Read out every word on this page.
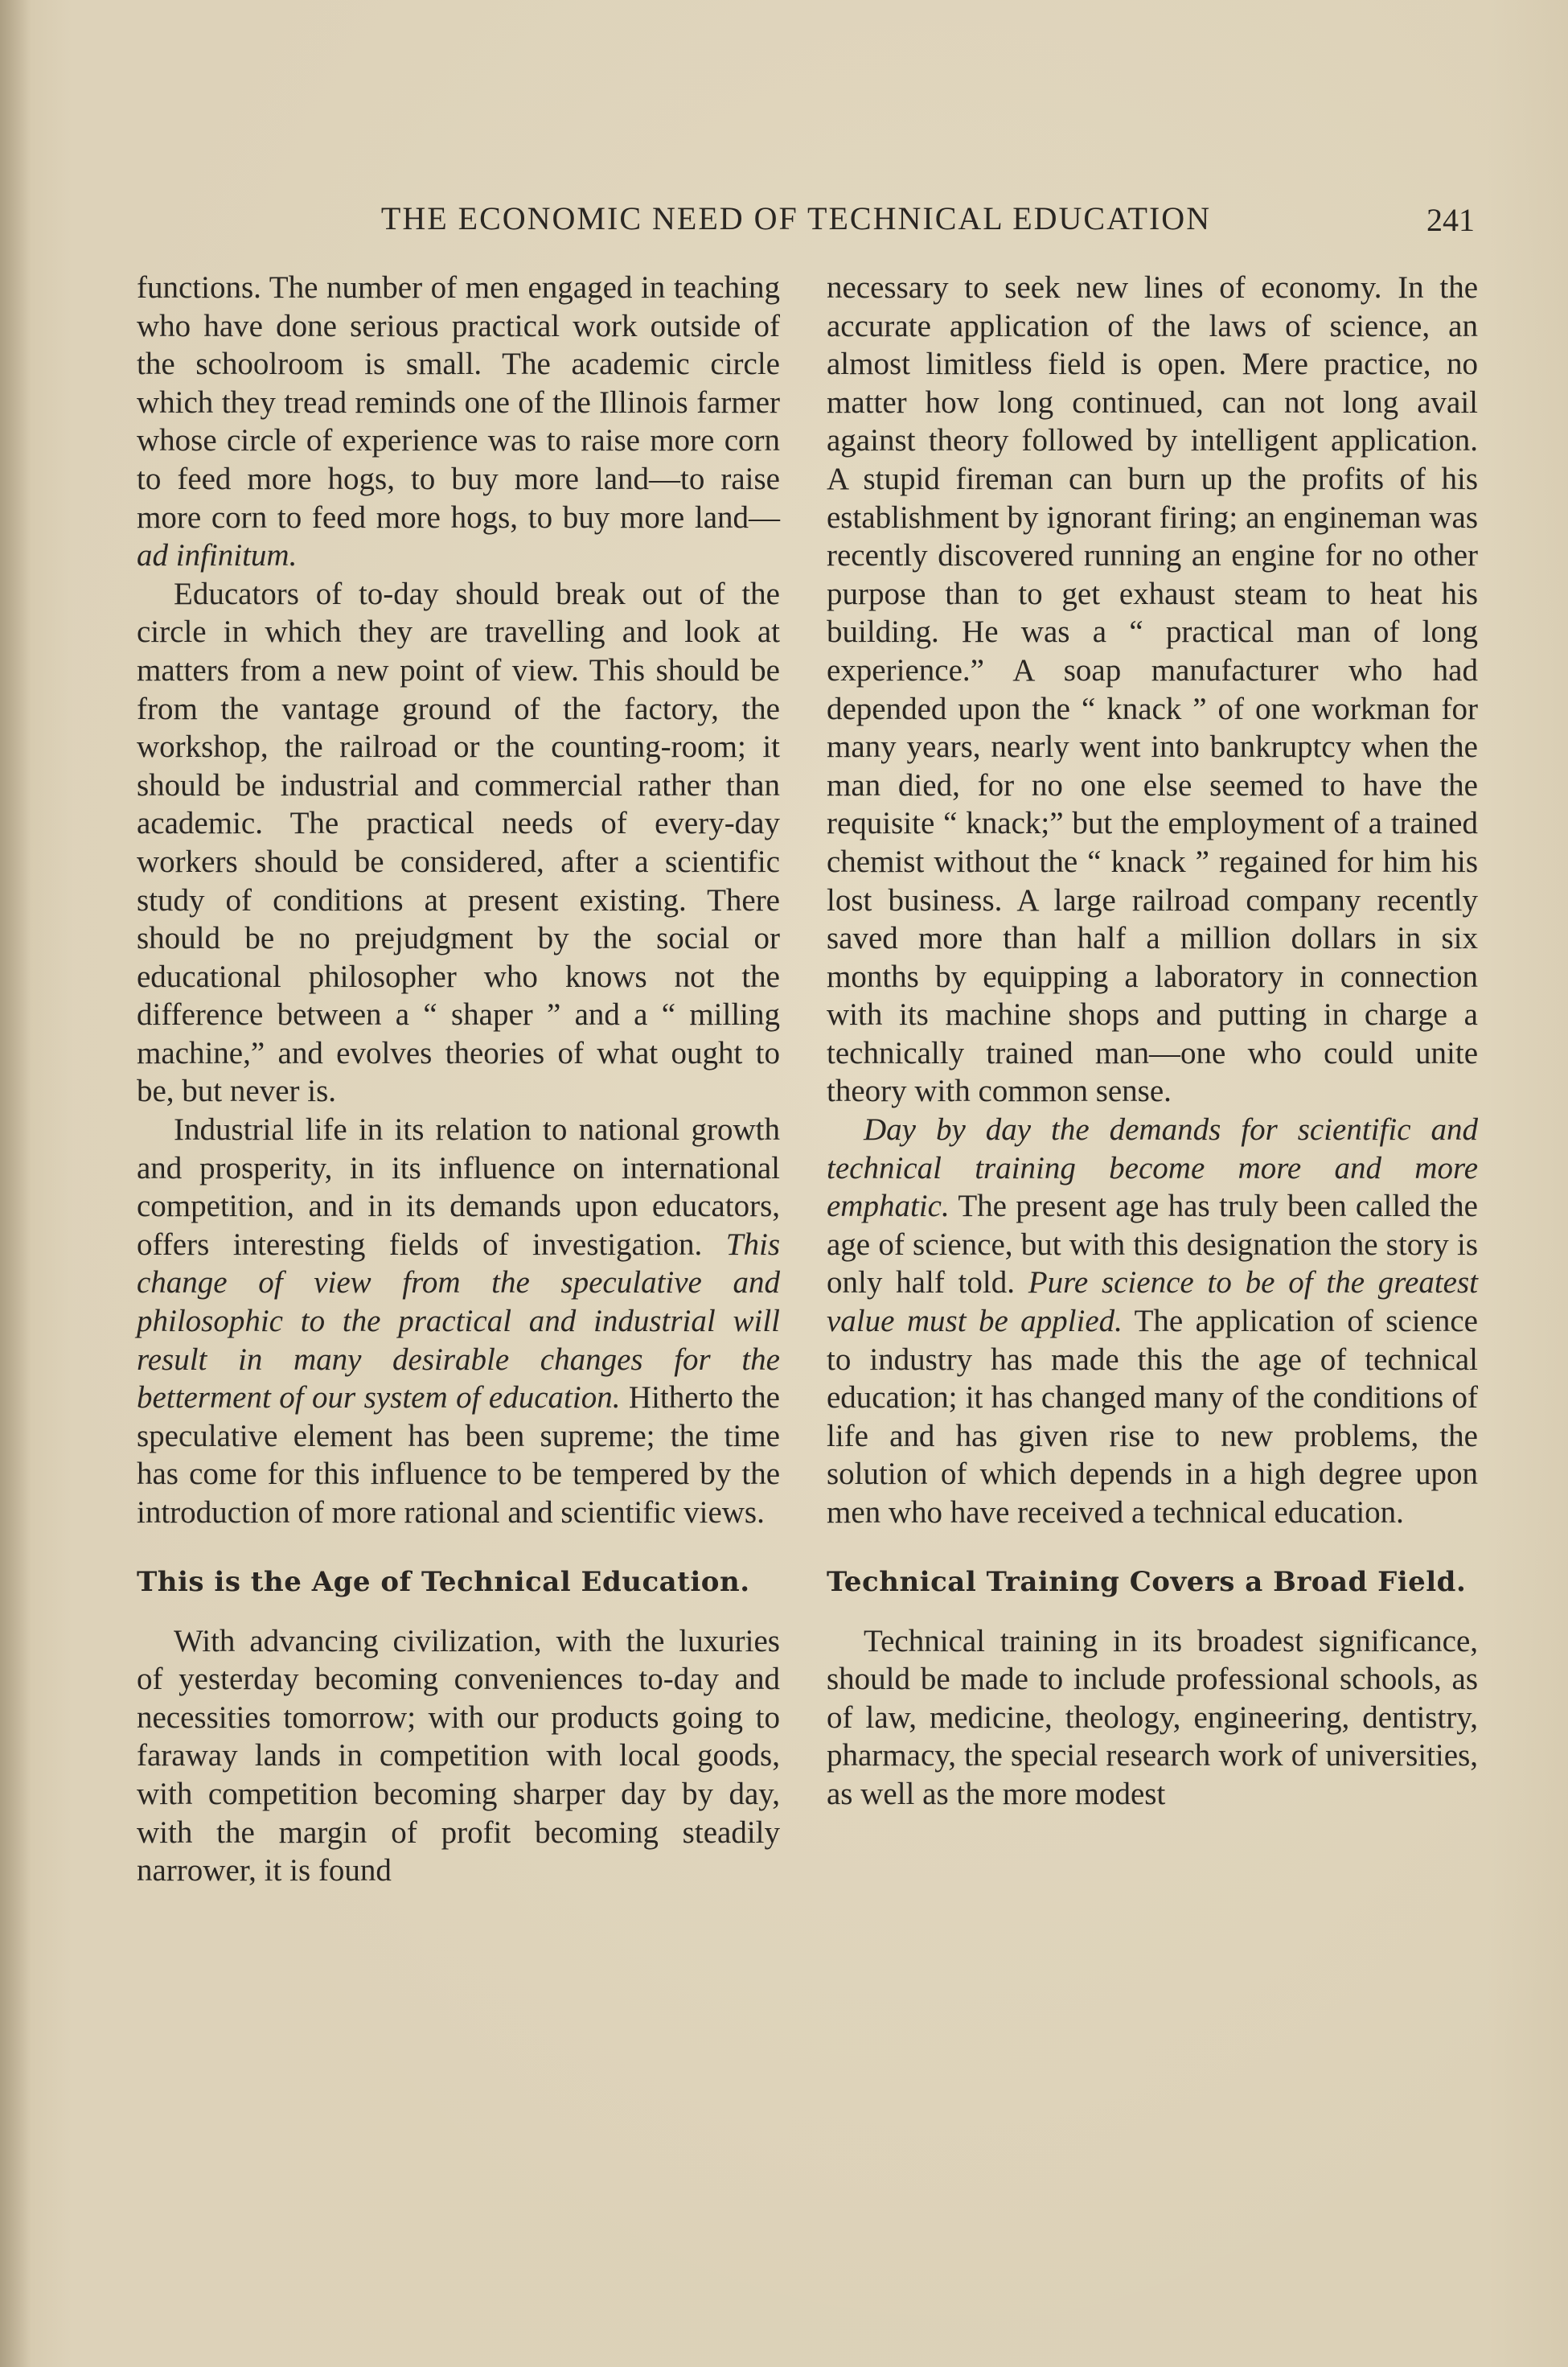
THE ECONOMIC NEED OF TECHNICAL EDUCATION	241

functions. The number of men engaged in teaching who have done serious practical work outside of the schoolroom is small. The academic circle which they tread reminds one of the Illinois farmer whose circle of experience was to raise more corn to feed more hogs, to buy more land—to raise more corn to feed more hogs, to buy more land—ad infinitum.

Educators of to-day should break out of the circle in which they are travelling and look at matters from a new point of view. This should be from the vantage ground of the factory, the workshop, the railroad or the counting-room; it should be industrial and commercial rather than academic. The practical needs of every-day workers should be considered, after a scientific study of conditions at present existing. There should be no prejudgment by the social or educational philosopher who knows not the difference between a “ shaper ” and a “ milling machine,” and evolves theories of what ought to be, but never is.

Industrial life in its relation to national growth and prosperity, in its influence on international competition, and in its demands upon educators, offers interesting fields of investigation. This change of view from the speculative and philosophic to the practical and industrial will result in many desirable changes for the betterment of our system of education. Hitherto the speculative element has been supreme; the time has come for this influence to be tempered by the introduction of more rational and scientific views.

This is the Age of Technical Education.

With advancing civilization, with the luxuries of yesterday becoming conveniences to-day and necessities tomorrow; with our products going to faraway lands in competition with local goods, with competition becoming sharper day by day, with the margin of profit becoming steadily narrower, it is found

necessary to seek new lines of economy. In the accurate application of the laws of science, an almost limitless field is open. Mere practice, no matter how long continued, can not long avail against theory followed by intelligent application. A stupid fireman can burn up the profits of his establishment by ignorant firing; an engineman was recently discovered running an engine for no other purpose than to get exhaust steam to heat his building. He was a “ practical man of long experience.” A soap manufacturer who had depended upon the “ knack ” of one workman for many years, nearly went into bankruptcy when the man died, for no one else seemed to have the requisite “ knack;” but the employment of a trained chemist without the “ knack ” regained for him his lost business. A large railroad company recently saved more than half a million dollars in six months by equipping a laboratory in connection with its machine shops and putting in charge a technically trained man—one who could unite theory with common sense.

Day by day the demands for scientific and technical training become more and more emphatic. The present age has truly been called the age of science, but with this designation the story is only half told. Pure science to be of the greatest value must be applied. The application of science to industry has made this the age of technical education; it has changed many of the conditions of life and has given rise to new problems, the solution of which depends in a high degree upon men who have received a technical education.

Technical Training Covers a Broad Field.

Technical training in its broadest significance, should be made to include professional schools, as of law, medicine, theology, engineering, dentistry, pharmacy, the special research work of universities, as well as the more modest
